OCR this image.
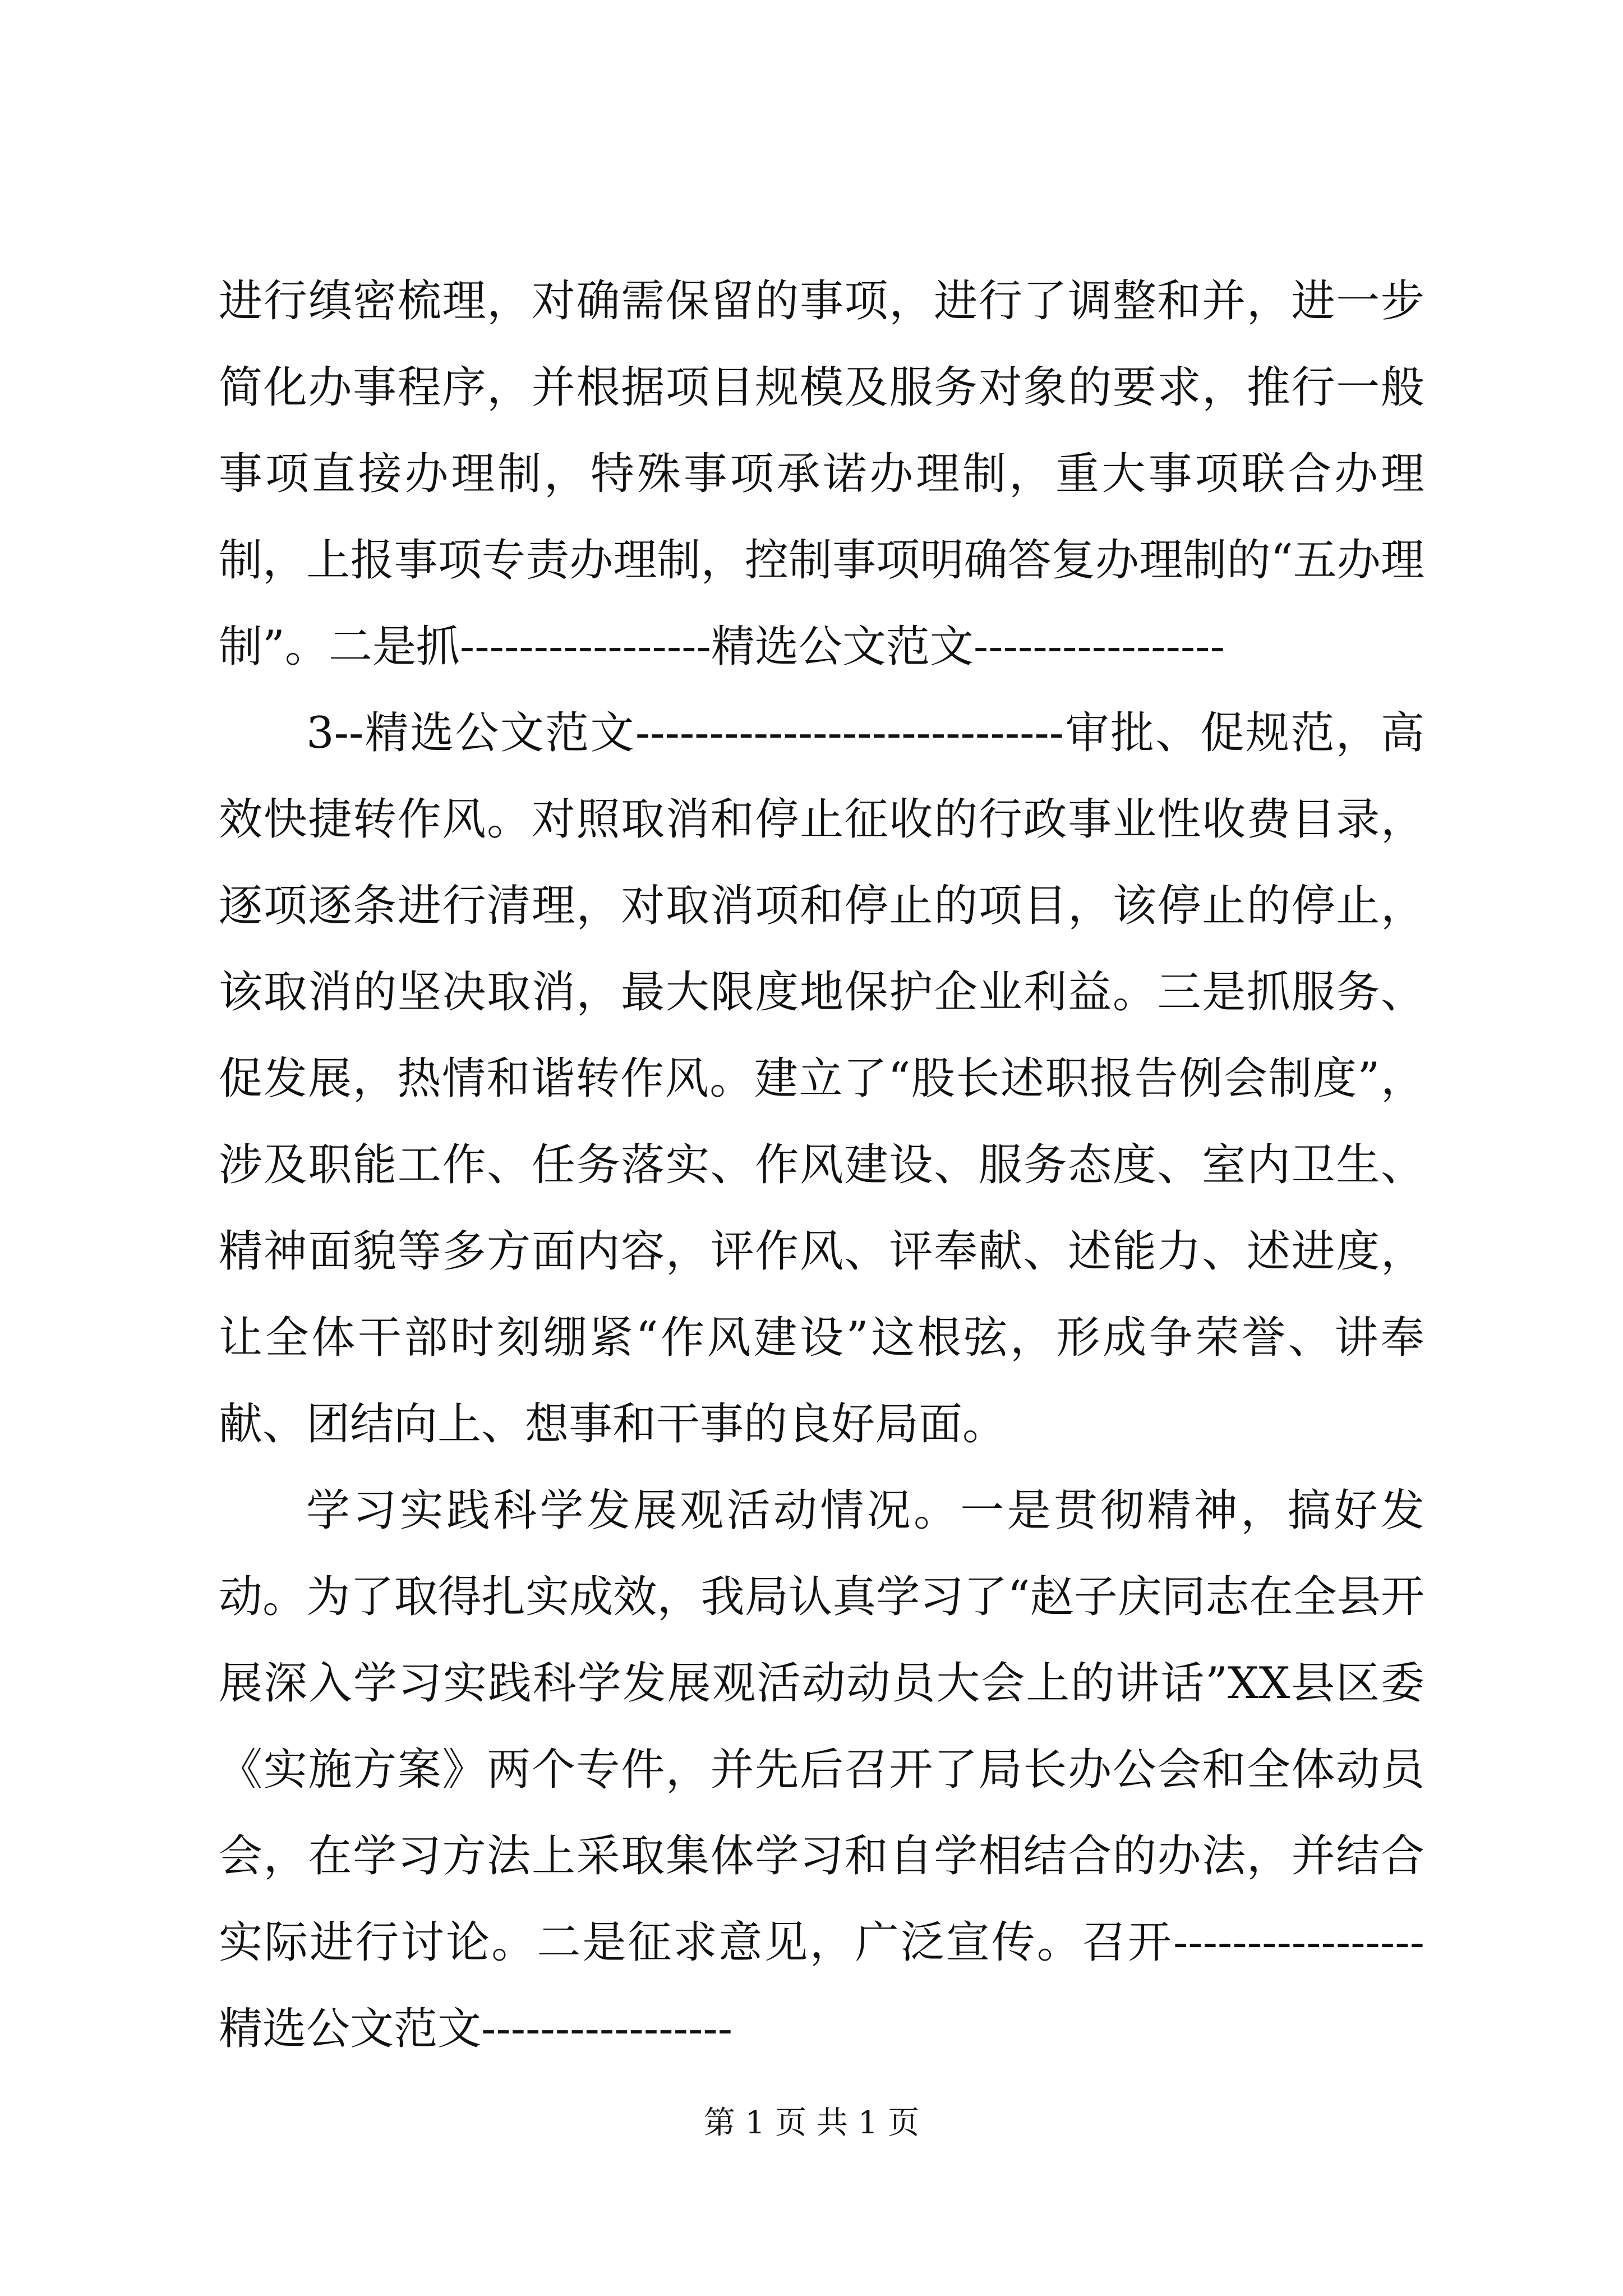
进行缜密梳理，对确需保留的事项，进行了调整和并，进一步简化办事程序，并根据项目规模及服务对象的要求，推行一般事项直接办理制，特殊事项承诺办理制，重大事项联合办理制，上报事项专责办理制，控制事项明确答复办理制的“五办理制”。二是抓-----------------精选公文范文-----------------

3--精选公文范文-----------------------------审批、促规范，高效快捷转作风。对照取消和停止征收的行政事业性收费目录，逐项逐条进行清理，对取消项和停止的项目，该停止的停止，该取消的坚决取消，最大限度地保护企业利益。三是抓服务、促发展，热情和谐转作风。建立了“股长述职报告例会制度”，涉及职能工作、任务落实、作风建设、服务态度、室内卫生、精神面貌等多方面内容，评作风、评奉献、述能力、述进度，让全体干部时刻绷紧“作风建设”这根弦，形成争荣誉、讲奉献、团结向上、想事和干事的良好局面。

学习实践科学发展观活动情况。一是贯彻精神，搞好发动。为了取得扎实成效，我局认真学习了“赵子庆同志在全县开展深入学习实践科学发展观活动动员大会上的讲话”XX县区委《实施方案》两个专件，并先后召开了局长办公会和全体动员会，在学习方法上采取集体学习和自学相结合的办法，并结合实际进行讨论。二是征求意见，广泛宣传。召开-----------------精选公文范文-----------------

第 1 页 共 1 页
